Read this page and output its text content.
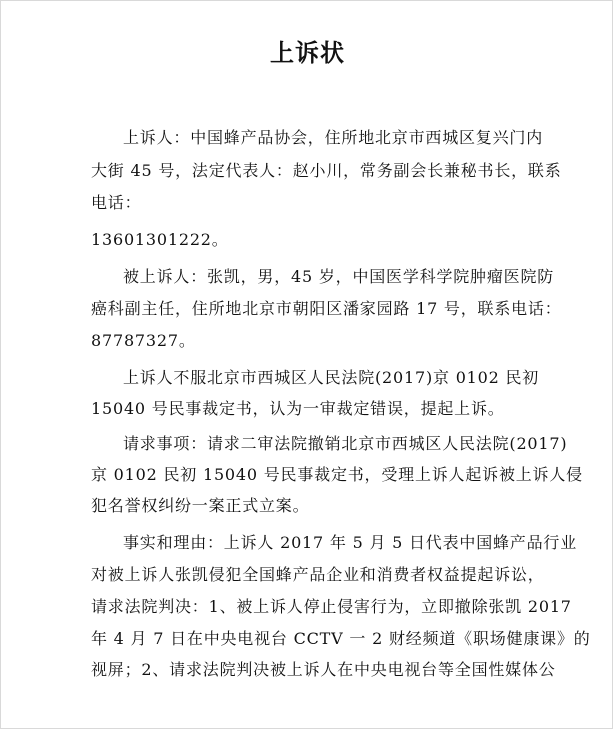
上诉状
上诉人：中国蜂产品协会，住所地北京市西城区复兴门内
大街 45 号，法定代表人：赵小川，常务副会长兼秘书长，联系
电话：
13601301222。
被上诉人：张凯，男，45 岁，中国医学科学院肿瘤医院防
癌科副主任，住所地北京市朝阳区潘家园路 17 号，联系电话：
87787327。
上诉人不服北京市西城区人民法院(2017)京 0102 民初
15040 号民事裁定书，认为一审裁定错误，提起上诉。
请求事项：请求二审法院撤销北京市西城区人民法院(2017)
京 0102 民初 15040 号民事裁定书，受理上诉人起诉被上诉人侵
犯名誉权纠纷一案正式立案。
事实和理由：上诉人 2017 年 5 月 5 日代表中国蜂产品行业
对被上诉人张凯侵犯全国蜂产品企业和消费者权益提起诉讼，
请求法院判决：1、被上诉人停止侵害行为，立即撤除张凯 2017
年 4 月 7 日在中央电视台 CCTV 一 2 财经频道《职场健康课》的
视屏；2、请求法院判决被上诉人在中央电视台等全国性媒体公
